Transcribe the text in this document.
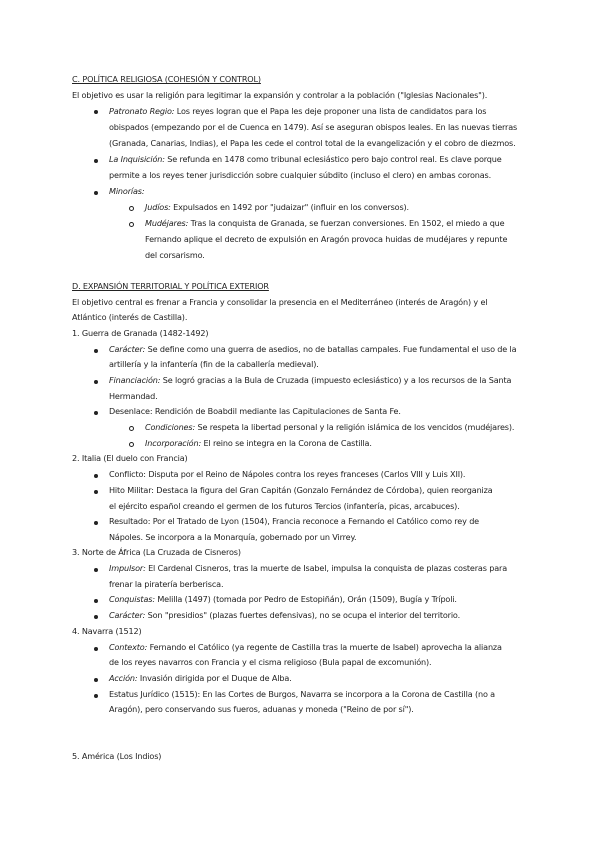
C. POLÍTICA RELIGIOSA (COHESIÓN Y CONTROL)
El objetivo es usar la religión para legitimar la expansión y controlar a la población ("Iglesias Nacionales").
Patronato Regio: Los reyes logran que el Papa les deje proponer una lista de candidatos para los
obispados (empezando por el de Cuenca en 1479). Así se aseguran obispos leales. En las nuevas tierras
(Granada, Canarias, Indias), el Papa les cede el control total de la evangelización y el cobro de diezmos.
La Inquisición: Se refunda en 1478 como tribunal eclesiástico pero bajo control real. Es clave porque
permite a los reyes tener jurisdicción sobre cualquier súbdito (incluso el clero) en ambas coronas.
Minorías:
Judíos: Expulsados en 1492 por "judaizar" (influir en los conversos).
Mudéjares: Tras la conquista de Granada, se fuerzan conversiones. En 1502, el miedo a que
Fernando aplique el decreto de expulsión en Aragón provoca huidas de mudéjares y repunte
del corsarismo.
D. EXPANSIÓN TERRITORIAL Y POLÍTICA EXTERIOR
El objetivo central es frenar a Francia y consolidar la presencia en el Mediterráneo (interés de Aragón) y el
Atlántico (interés de Castilla).
1. Guerra de Granada (1482-1492)
Carácter: Se define como una guerra de asedios, no de batallas campales. Fue fundamental el uso de la
artillería y la infantería (fin de la caballería medieval).
Financiación: Se logró gracias a la Bula de Cruzada (impuesto eclesiástico) y a los recursos de la Santa
Hermandad.
Desenlace: Rendición de Boabdil mediante las Capitulaciones de Santa Fe.
Condiciones: Se respeta la libertad personal y la religión islámica de los vencidos (mudéjares).
Incorporación: El reino se integra en la Corona de Castilla.
2. Italia (El duelo con Francia)
Conflicto: Disputa por el Reino de Nápoles contra los reyes franceses (Carlos VIII y Luis XII).
Hito Militar: Destaca la figura del Gran Capitán (Gonzalo Fernández de Córdoba), quien reorganiza
el ejército español creando el germen de los futuros Tercios (infantería, picas, arcabuces).
Resultado: Por el Tratado de Lyon (1504), Francia reconoce a Fernando el Católico como rey de
Nápoles. Se incorpora a la Monarquía, gobernado por un Virrey.
3. Norte de África (La Cruzada de Cisneros)
Impulsor: El Cardenal Cisneros, tras la muerte de Isabel, impulsa la conquista de plazas costeras para
frenar la piratería berberisca.
Conquistas: Melilla (1497) (tomada por Pedro de Estopiñán), Orán (1509), Bugía y Trípoli.
Carácter: Son "presidios" (plazas fuertes defensivas), no se ocupa el interior del territorio.
4. Navarra (1512)
Contexto: Fernando el Católico (ya regente de Castilla tras la muerte de Isabel) aprovecha la alianza
de los reyes navarros con Francia y el cisma religioso (Bula papal de excomunión).
Acción: Invasión dirigida por el Duque de Alba.
Estatus Jurídico (1515): En las Cortes de Burgos, Navarra se incorpora a la Corona de Castilla (no a
Aragón), pero conservando sus fueros, aduanas y moneda ("Reino de por sí").
5. América (Los Indios)
